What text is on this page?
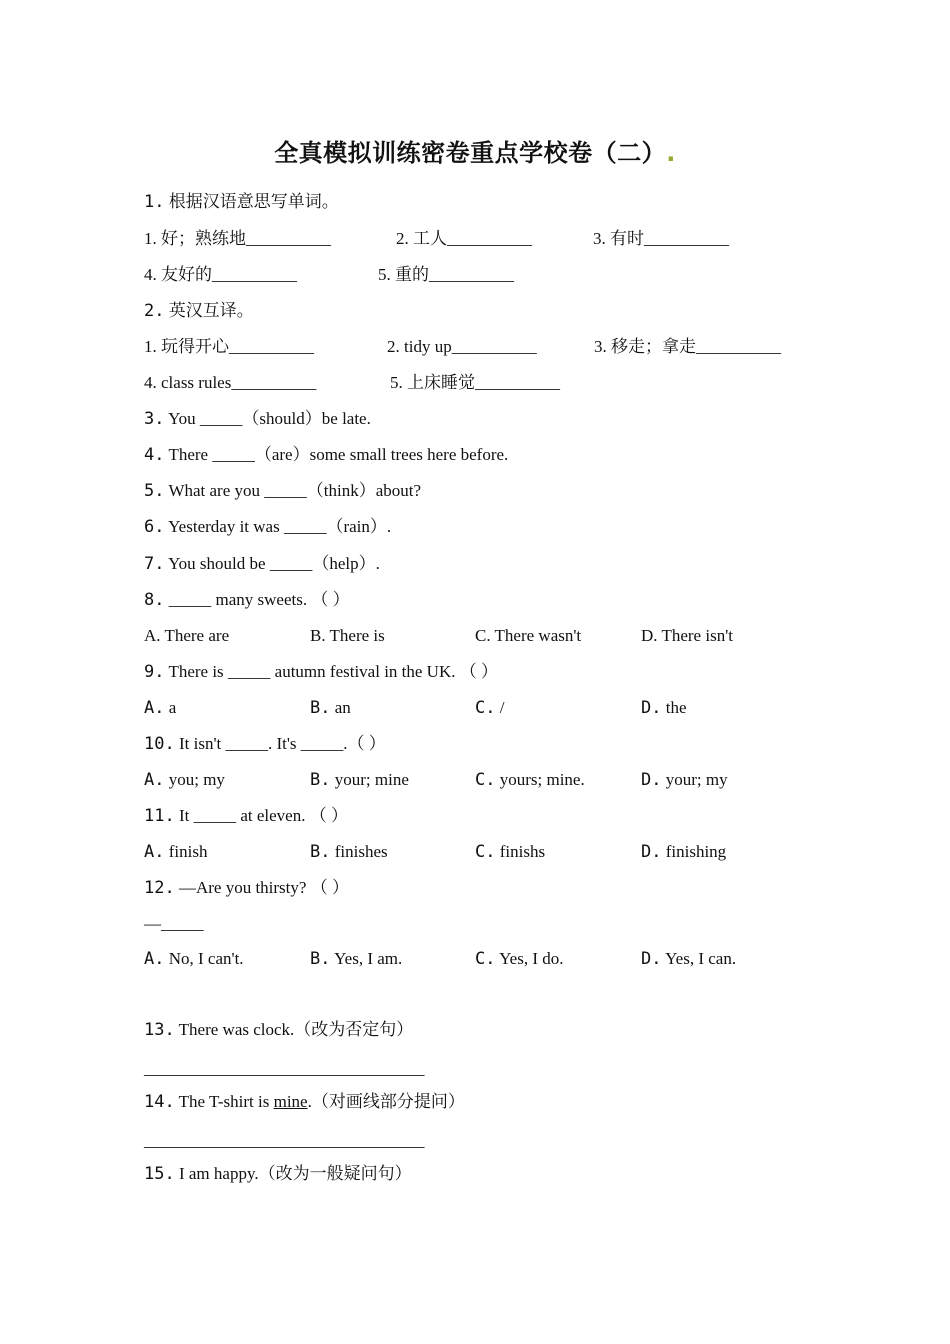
全真模拟训练密卷重点学校卷（二）.
1. 根据汉语意思写单词。
1. 好；熟练地__________	2. 工人__________	3. 有时__________
4. 友好的__________	5. 重的__________
2. 英汉互译。
1. 玩得开心__________	2. tidy up__________	3. 移走；拿走__________
4. class rules__________	5. 上床睡觉__________
3. You _____（should）be late.
4. There _____（are）some small trees here before.
5. What are you _____（think）about?
6. Yesterday it was _____（rain）.
7. You should be _____（help）.
8. _____ many sweets. （ ）
A. There are	B. There is	C. There wasn't	D. There isn't
9. There is _____ autumn festival in the UK. （ ）
A. a	B. an	C. /	D. the
10. It isn't _____. It's _____.（ ）
A. you; my	B. your; mine	C. yours; mine.	D. your; my
11. It _____ at eleven. （ ）
A. finish	B. finishes	C. finishs	D. finishing
12. —Are you thirsty? （ ）
—_____
A. No, I can't.	B. Yes, I am.	C. Yes, I do.	D. Yes, I can.
13. There was clock.（改为否定句）
_________________________________
14. The T-shirt is mine.（对画线部分提问）
_________________________________
15. I am happy.（改为一般疑问句）
